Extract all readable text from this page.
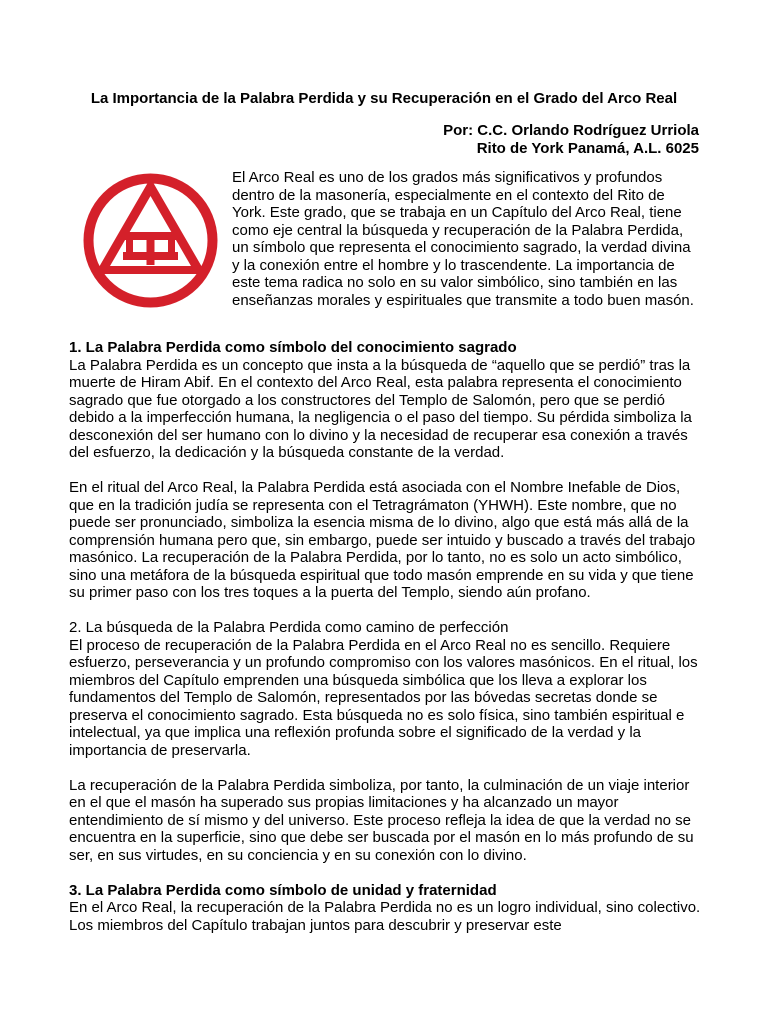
La Importancia de la Palabra Perdida y su Recuperación en el Grado del Arco Real
Por: C.C. Orlando Rodríguez Urriola
Rito de York Panamá, A.L. 6025
El Arco Real es uno de los grados más significativos y profundos dentro de la masonería, especialmente en el contexto del Rito de York. Este grado, que se trabaja en un Capítulo del Arco Real, tiene como eje central la búsqueda y recuperación de la Palabra Perdida, un símbolo que representa el conocimiento sagrado, la verdad divina y la conexión entre el hombre y lo trascendente. La importancia de este tema radica no solo en su valor simbólico, sino también en las enseñanzas morales y espirituales que transmite a todo buen masón.
1. La Palabra Perdida como símbolo del conocimiento sagrado

La Palabra Perdida es un concepto que insta a la búsqueda de “aquello que se perdió” tras la muerte de Hiram Abif. En el contexto del Arco Real, esta palabra representa el conocimiento sagrado que fue otorgado a los constructores del Templo de Salomón, pero que se perdió debido a la imperfección humana, la negligencia o el paso del tiempo. Su pérdida simboliza la desconexión del ser humano con lo divino y la necesidad de recuperar esa conexión a través del esfuerzo, la dedicación y la búsqueda constante de la verdad.

En el ritual del Arco Real, la Palabra Perdida está asociada con el Nombre Inefable de Dios, que en la tradición judía se representa con el Tetragrámaton (YHWH). Este nombre, que no puede ser pronunciado, simboliza la esencia misma de lo divino, algo que está más allá de la comprensión humana pero que, sin embargo, puede ser intuido y buscado a través del trabajo masónico. La recuperación de la Palabra Perdida, por lo tanto, no es solo un acto simbólico, sino una metáfora de la búsqueda espiritual que todo masón emprende en su vida y que tiene su primer paso con los tres toques a la puerta del Templo, siendo aún profano.

2. La búsqueda de la Palabra Perdida como camino de perfección

El proceso de recuperación de la Palabra Perdida en el Arco Real no es sencillo. Requiere esfuerzo, perseverancia y un profundo compromiso con los valores masónicos. En el ritual, los miembros del Capítulo emprenden una búsqueda simbólica que los lleva a explorar los fundamentos del Templo de Salomón, representados por las bóvedas secretas donde se preserva el conocimiento sagrado. Esta búsqueda no es solo física, sino también espiritual e intelectual, ya que implica una reflexión profunda sobre el significado de la verdad y la importancia de preservarla.

La recuperación de la Palabra Perdida simboliza, por tanto, la culminación de un viaje interior en el que el masón ha superado sus propias limitaciones y ha alcanzado un mayor entendimiento de sí mismo y del universo. Este proceso refleja la idea de que la verdad no se encuentra en la superficie, sino que debe ser buscada por el masón en lo más profundo de su ser, en sus virtudes, en su conciencia y en su conexión con lo divino.

3. La Palabra Perdida como símbolo de unidad y fraternidad

En el Arco Real, la recuperación de la Palabra Perdida no es un logro individual, sino colectivo. Los miembros del Capítulo trabajan juntos para descubrir y preservar este
